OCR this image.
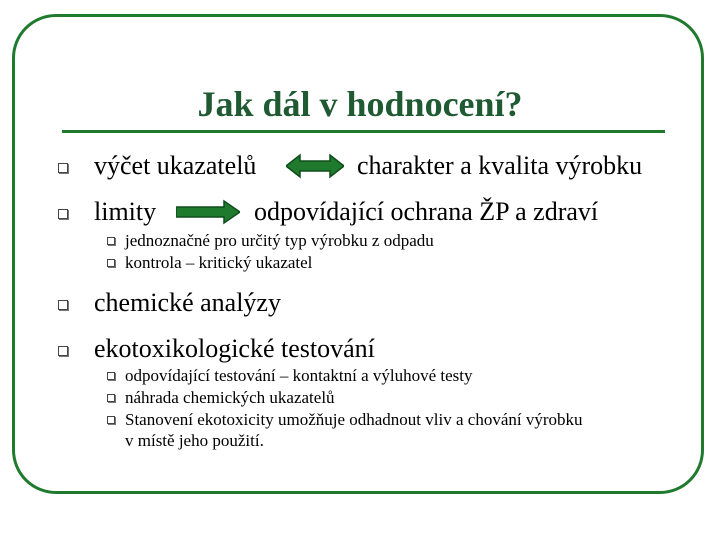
Jak dál v hodnocení?
výčet ukazatelů	charakter a kvalita výrobku
limity	odpovídající ochrana ŽP a zdraví
jednoznačné pro určitý typ výrobku z odpadu
kontrola – kritický ukazatel
chemické analýzy
ekotoxikologické testování
odpovídající testování – kontaktní a výluhové testy
náhrada chemických ukazatelů
Stanovení ekotoxicity umožňuje odhadnout vliv a chování výrobku
v místě jeho použití.
